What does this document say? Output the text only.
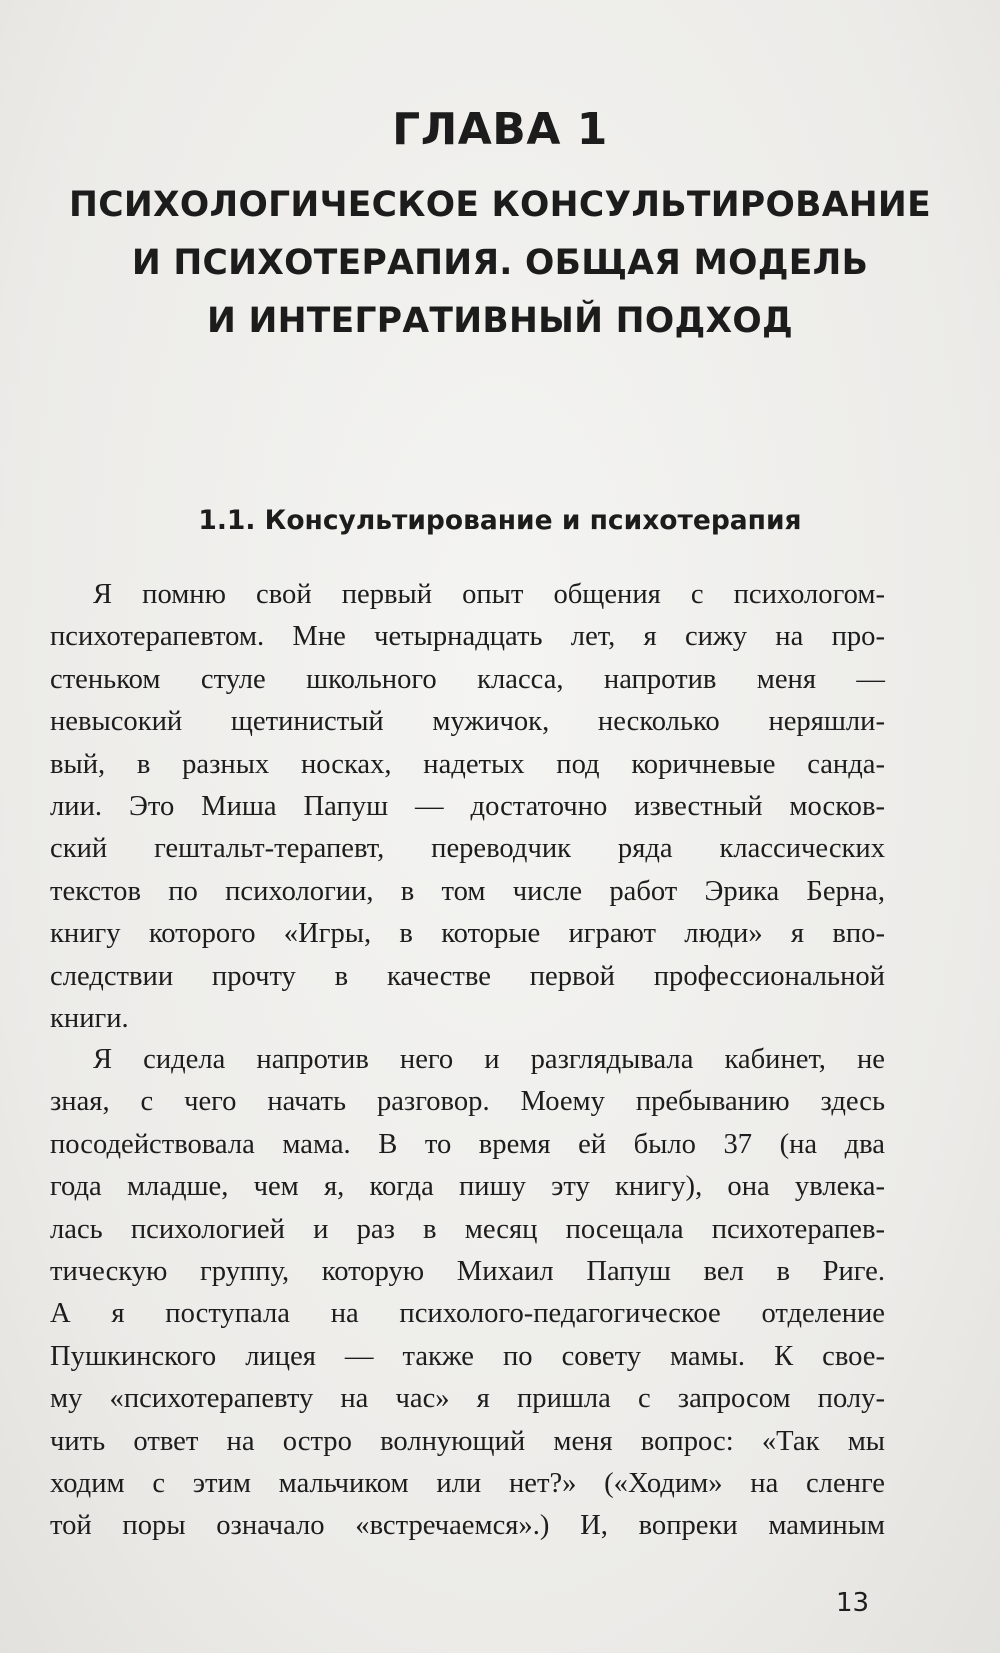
ГЛАВА 1
ПСИХОЛОГИЧЕСКОЕ КОНСУЛЬТИРОВАНИЕ
И ПСИХОТЕРАПИЯ. ОБЩАЯ МОДЕЛЬ
И ИНТЕГРАТИВНЫЙ ПОДХОД
1.1. Консультирование и психотерапия
Я помню свой первый опыт общения с психологом-
психотерапевтом. Мне четырнадцать лет, я сижу на про-
стеньком стуле школьного класса, напротив меня —
невысокий щетинистый мужичок, несколько неряшли-
вый, в разных носках, надетых под коричневые санда-
лии. Это Миша Папуш — достаточно известный москов-
ский гештальт-терапевт, переводчик ряда классических
текстов по психологии, в том числе работ Эрика Берна,
книгу которого «Игры, в которые играют люди» я впо-
следствии прочту в качестве первой профессиональной
книги.
Я сидела напротив него и разглядывала кабинет, не
зная, с чего начать разговор. Моему пребыванию здесь
посодействовала мама. В то время ей было 37 (на два
года младше, чем я, когда пишу эту книгу), она увлека-
лась психологией и раз в месяц посещала психотерапев-
тическую группу, которую Михаил Папуш вел в Риге.
А я поступала на психолого-педагогическое отделение
Пушкинского лицея — также по совету мамы. К свое-
му «психотерапевту на час» я пришла с запросом полу-
чить ответ на остро волнующий меня вопрос: «Так мы
ходим с этим мальчиком или нет?» («Ходим» на сленге
той поры означало «встречаемся».) И, вопреки маминым
13
